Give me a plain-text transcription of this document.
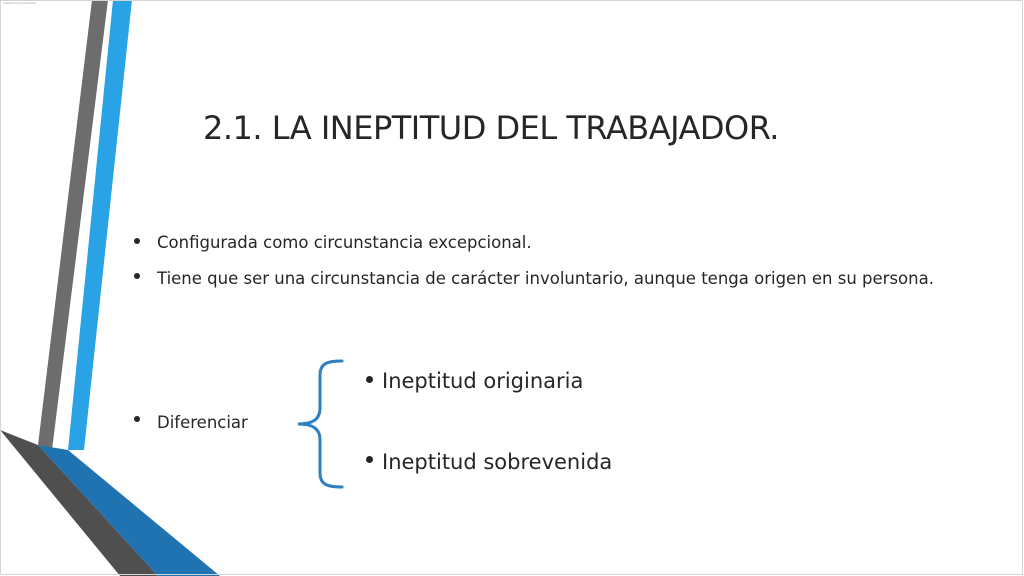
Ineptitud sobrevenida
2.1. LA INEPTITUD DEL TRABAJADOR.
Configurada como circunstancia excepcional.
Tiene que ser una circunstancia de carácter involuntario, aunque tenga origen en su persona.
Diferenciar
Ineptitud originaria
Ineptitud sobrevenida
